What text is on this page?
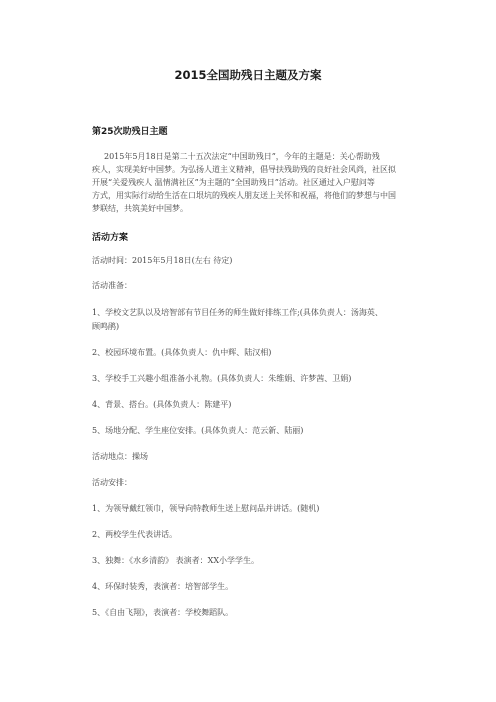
2015全国助残日主题及方案
第25次助残日主题
2015年5月18日是第二十五次法定“中国助残日”，今年的主题是：关心帮助残
疾人，实现美好中国梦。为弘扬人道主义精神，倡导扶残助残的良好社会风尚，社区拟
开展“关爱残疾人 温情满社区”为主题的“全国助残日”活动。社区通过入户慰问等
方式，用实际行动给生活在口垠坑的残疾人朋友送上关怀和祝福，将他们的梦想与中国
梦联结，共筑美好中国梦。
活动方案
活动时间：2015年5月18日(左右 待定)
活动准备：
1、学校文艺队以及培智部有节目任务的师生做好排练工作;(具体负责人：汤海英、
顾鸣鹃)
2、校园环境布置。(具体负责人：仇中辉、陆汉相)
3、学校手工兴趣小组准备小礼物。(具体负责人：朱维娟、许梦茜、卫娟)
4、背景、搭台。(具体负责人：陈建平)
5、场地分配、学生座位安排。(具体负责人：范云新、陆丽)
活动地点：操场
活动安排：
1、为领导戴红领巾，领导向特教师生送上慰问品并讲话。(随机)
2、两校学生代表讲话。
3、独舞：《水乡清韵》 表演者：XX小学学生。
4、环保时装秀，表演者：培智部学生。
5、《自由飞翔》，表演者：学校舞蹈队。
